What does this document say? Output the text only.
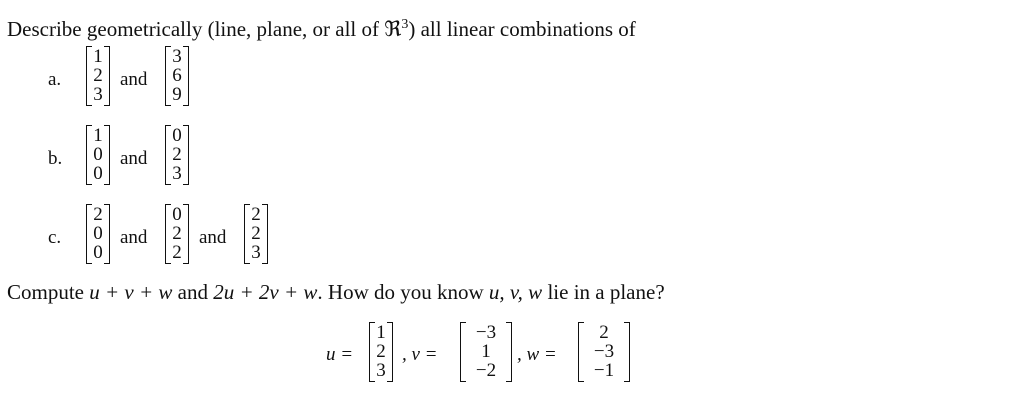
Describe geometrically (line, plane, or all of ℜ$^3$) all linear combinations of
a.
1
2
3
and
3
6
9
b.
1
0
0
and
0
2
3
c.
2
0
0
and
0
2
2
and
2
2
3
Compute u + v + w and 2u + 2v + w. How do you know u, v, w lie in a plane?
u =
1
2
3
, v =
−3
1
−2
, w =
2
−3
−1
